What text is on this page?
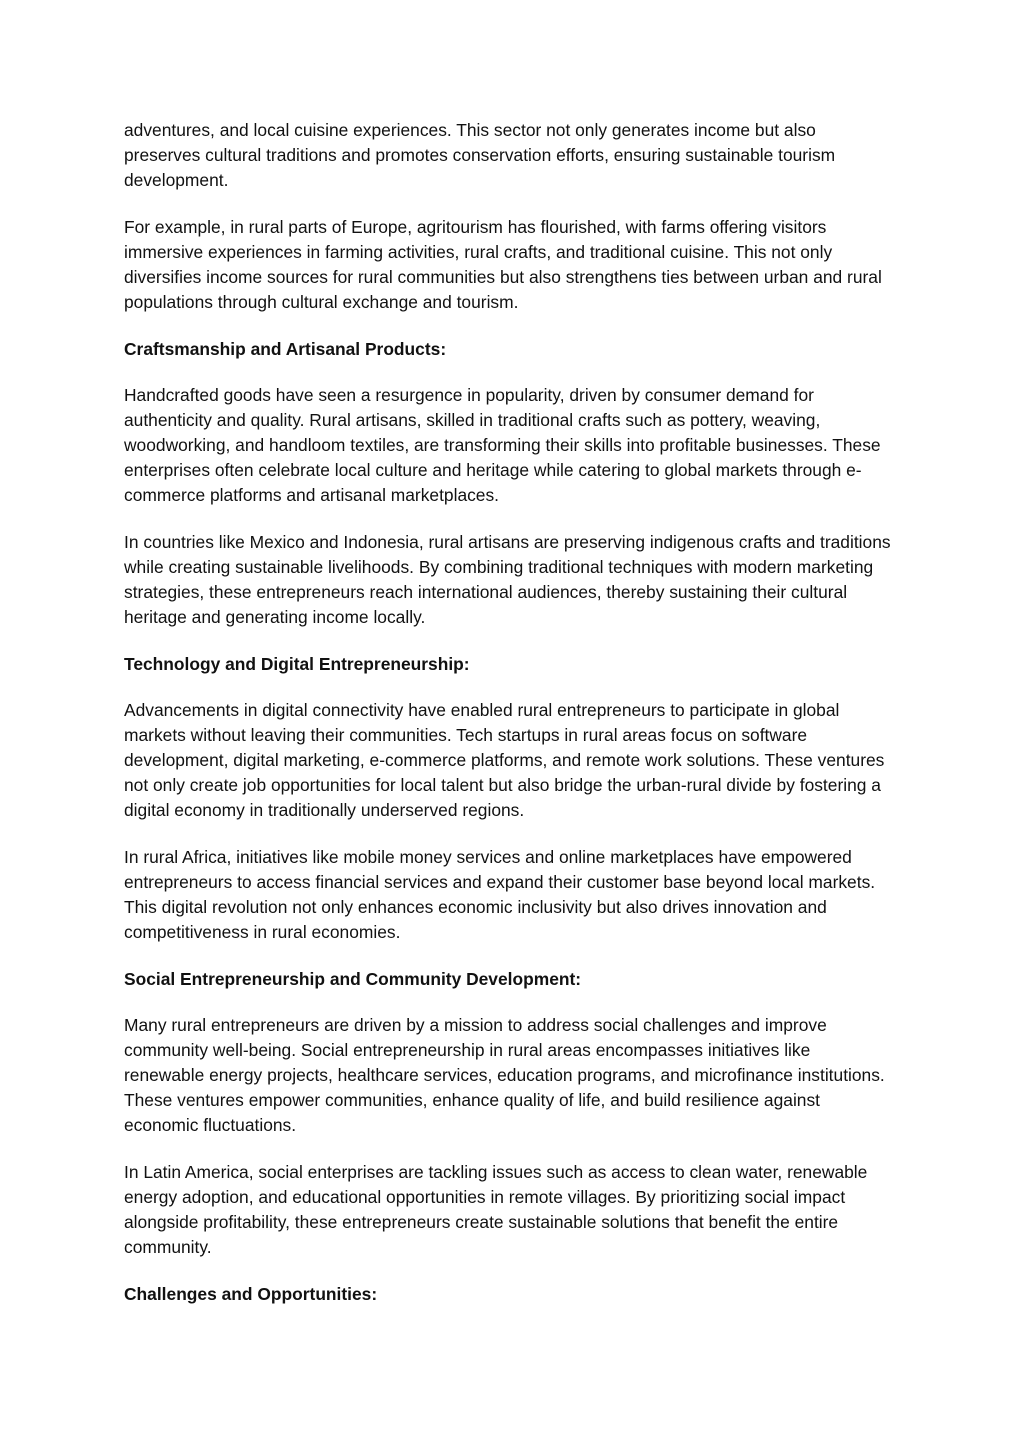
adventures, and local cuisine experiences. This sector not only generates income but also preserves cultural traditions and promotes conservation efforts, ensuring sustainable tourism development.

For example, in rural parts of Europe, agritourism has flourished, with farms offering visitors immersive experiences in farming activities, rural crafts, and traditional cuisine. This not only diversifies income sources for rural communities but also strengthens ties between urban and rural populations through cultural exchange and tourism.

Craftsmanship and Artisanal Products:

Handcrafted goods have seen a resurgence in popularity, driven by consumer demand for authenticity and quality. Rural artisans, skilled in traditional crafts such as pottery, weaving, woodworking, and handloom textiles, are transforming their skills into profitable businesses. These enterprises often celebrate local culture and heritage while catering to global markets through e-commerce platforms and artisanal marketplaces.

In countries like Mexico and Indonesia, rural artisans are preserving indigenous crafts and traditions while creating sustainable livelihoods. By combining traditional techniques with modern marketing strategies, these entrepreneurs reach international audiences, thereby sustaining their cultural heritage and generating income locally.

Technology and Digital Entrepreneurship:

Advancements in digital connectivity have enabled rural entrepreneurs to participate in global markets without leaving their communities. Tech startups in rural areas focus on software development, digital marketing, e-commerce platforms, and remote work solutions. These ventures not only create job opportunities for local talent but also bridge the urban-rural divide by fostering a digital economy in traditionally underserved regions.

In rural Africa, initiatives like mobile money services and online marketplaces have empowered entrepreneurs to access financial services and expand their customer base beyond local markets. This digital revolution not only enhances economic inclusivity but also drives innovation and competitiveness in rural economies.

Social Entrepreneurship and Community Development:

Many rural entrepreneurs are driven by a mission to address social challenges and improve community well-being. Social entrepreneurship in rural areas encompasses initiatives like renewable energy projects, healthcare services, education programs, and microfinance institutions. These ventures empower communities, enhance quality of life, and build resilience against economic fluctuations.

In Latin America, social enterprises are tackling issues such as access to clean water, renewable energy adoption, and educational opportunities in remote villages. By prioritizing social impact alongside profitability, these entrepreneurs create sustainable solutions that benefit the entire community.

Challenges and Opportunities:
